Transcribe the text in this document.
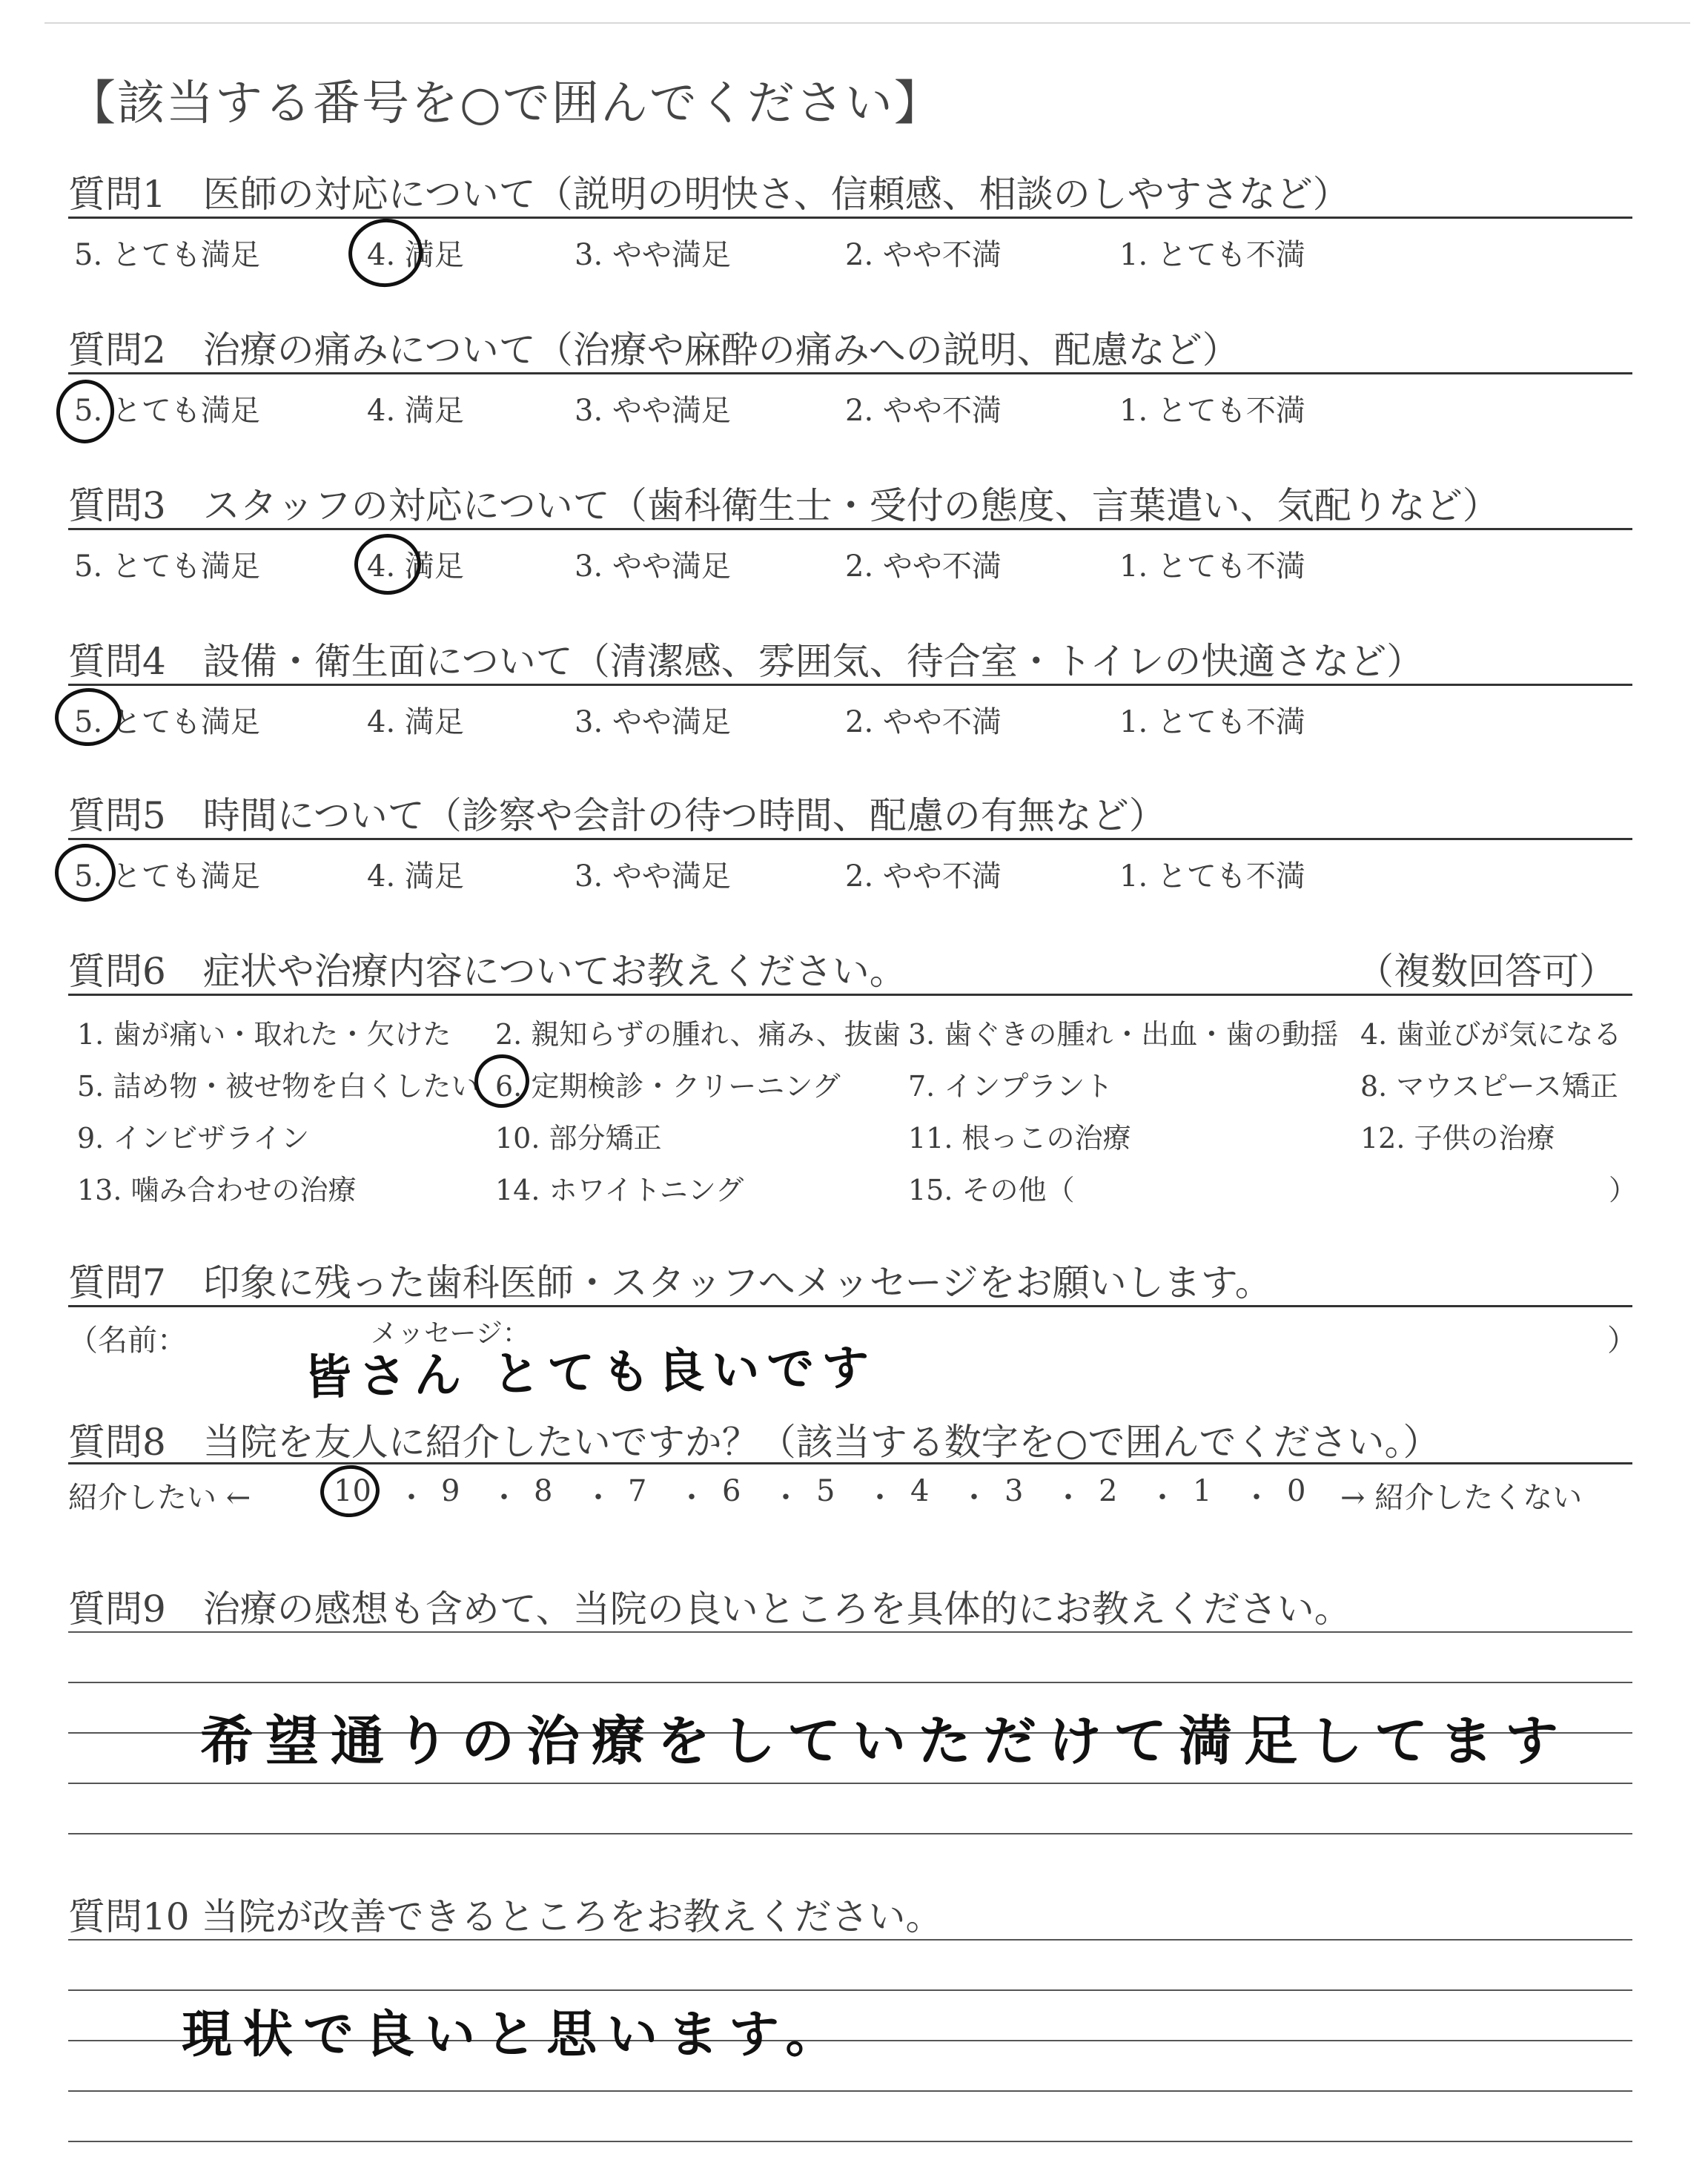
【該当する番号を○で囲んでください】
質問1　医師の対応について（説明の明快さ、信頼感、相談のしやすさなど）
5. とても満足	4. 満足	3. やや満足	2. やや不満	1. とても不満
質問2　治療の痛みについて（治療や麻酔の痛みへの説明、配慮など）
5. とても満足	4. 満足	3. やや満足	2. やや不満	1. とても不満
質問3　スタッフの対応について（歯科衛生士・受付の態度、言葉遣い、気配りなど）
5. とても満足	4. 満足	3. やや満足	2. やや不満	1. とても不満
質問4　設備・衛生面について（清潔感、雰囲気、待合室・トイレの快適さなど）
5. とても満足	4. 満足	3. やや満足	2. やや不満	1. とても不満
質問5　時間について（診察や会計の待つ時間、配慮の有無など）
5. とても満足	4. 満足	3. やや満足	2. やや不満	1. とても不満
質問6　症状や治療内容についてお教えください。	（複数回答可）
1. 歯が痛い・取れた・欠けた 2. 親知らずの腫れ、痛み、抜歯 3. 歯ぐきの腫れ・出血・歯の動揺 4. 歯並びが気になる
5. 詰め物・被せ物を白くしたい 6. 定期検診・クリーニング 7. インプラント	8. マウスピース矯正
9. インビザライン	10. 部分矯正	11. 根っこの治療	12. 子供の治療
13. 噛み合わせの治療	14. ホワイトニング	15. その他（	）
質問7　印象に残った歯科医師・スタッフへメッセージをお願いします。
（名前：	メッセージ：	）
皆さん とても良いです
質問8　当院を友人に紹介したいですか？（該当する数字を○で囲んでください。）
紹介したい ←	10 ・ 9 ・ 8 ・ 7 ・ 6 ・ 5 ・ 4 ・ 3 ・ 2 ・ 1 ・ 0 → 紹介したくない
質問9　治療の感想も含めて、当院の良いところを具体的にお教えください。
希望通りの治療をしていただけて満足してます
質問10 当院が改善できるところをお教えください。
現状で良いと思います。
